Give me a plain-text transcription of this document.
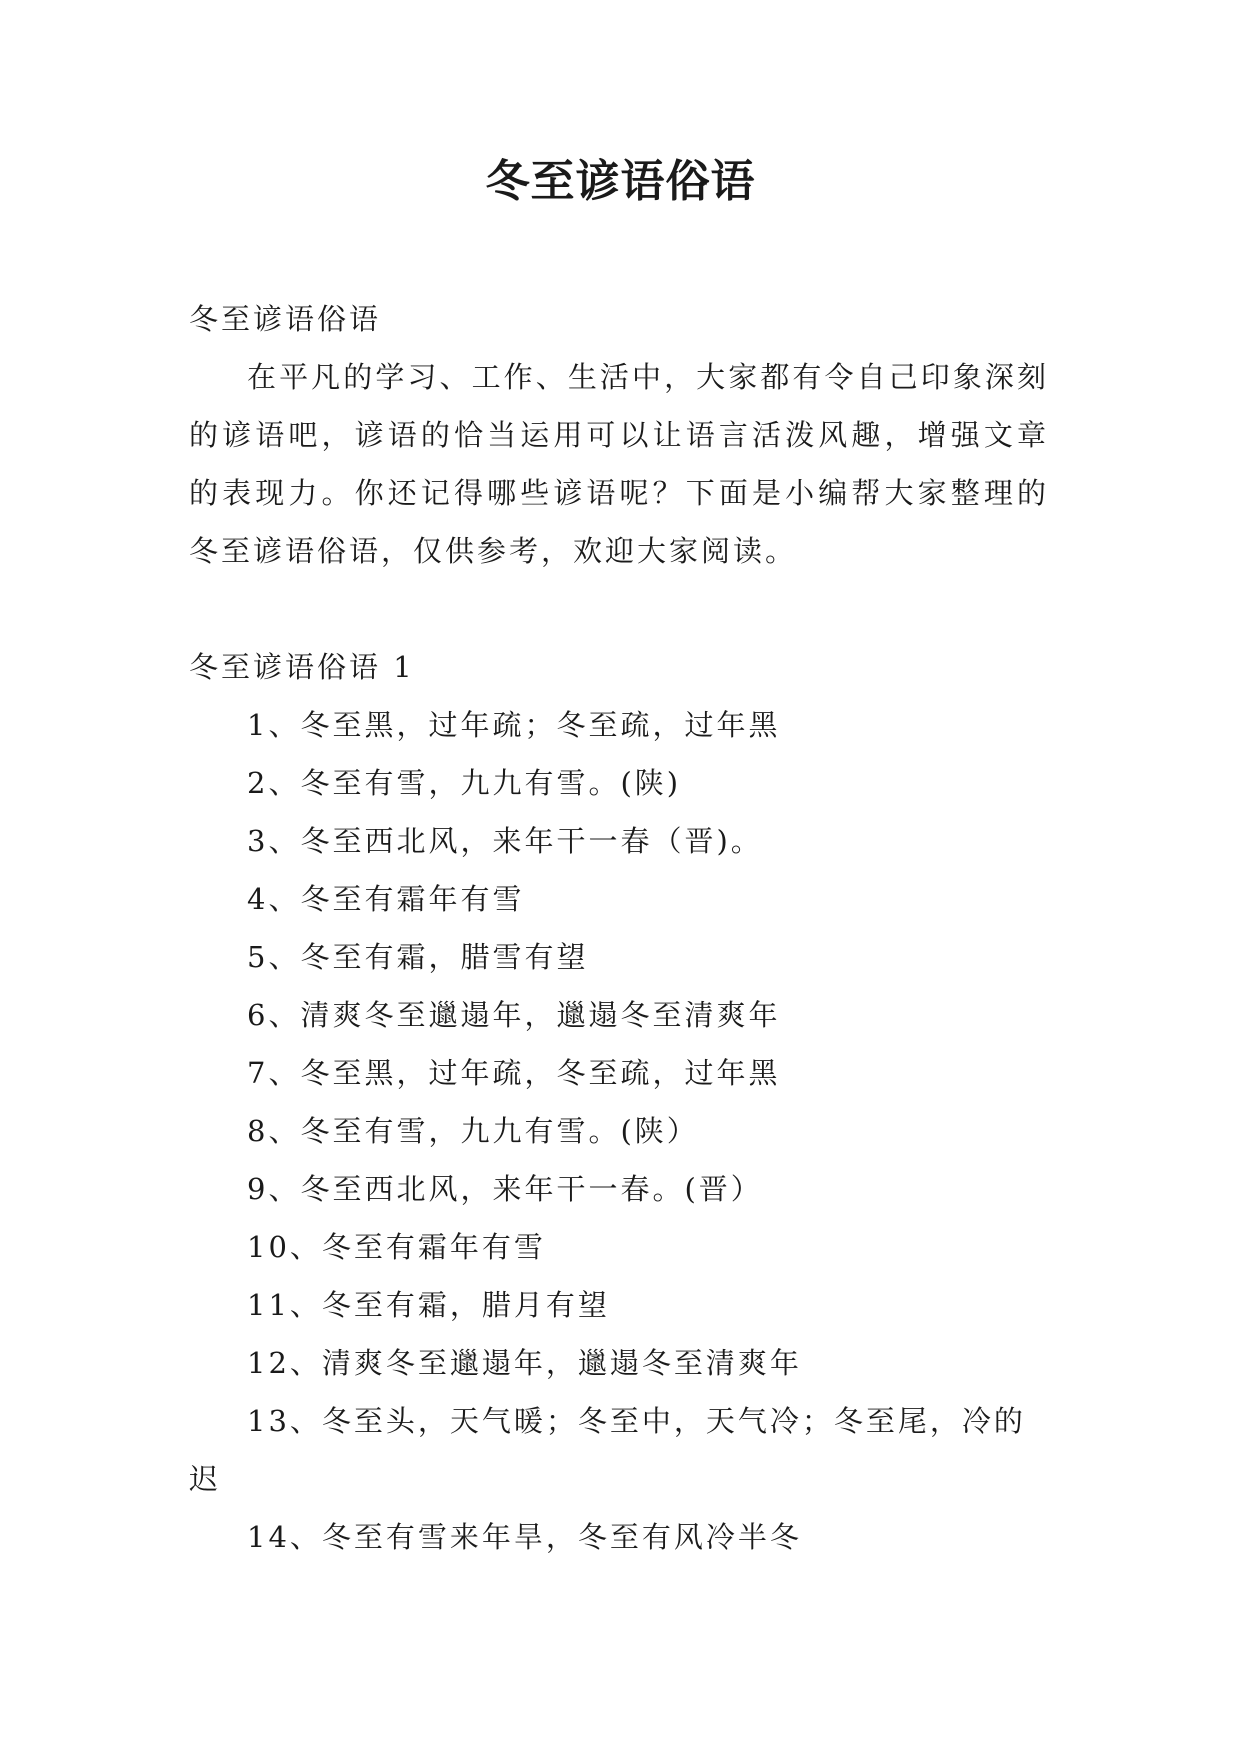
冬至谚语俗语

冬至谚语俗语

在平凡的学习、工作、生活中，大家都有令自己印象深刻的谚语吧，谚语的恰当运用可以让语言活泼风趣，增强文章的表现力。你还记得哪些谚语呢？下面是小编帮大家整理的冬至谚语俗语，仅供参考，欢迎大家阅读。

冬至谚语俗语 1

1、冬至黑，过年疏；冬至疏，过年黑

2、冬至有雪，九九有雪。(陕)

3、冬至西北风，来年干一春（晋)。

4、冬至有霜年有雪

5、冬至有霜，腊雪有望

6、清爽冬至邋遢年，邋遢冬至清爽年

7、冬至黑，过年疏，冬至疏，过年黑

8、冬至有雪，九九有雪。(陕）

9、冬至西北风，来年干一春。(晋）

10、冬至有霜年有雪

11、冬至有霜，腊月有望

12、清爽冬至邋遢年，邋遢冬至清爽年

13、冬至头，天气暖；冬至中，天气冷；冬至尾，冷的迟

14、冬至有雪来年旱，冬至有风冷半冬
